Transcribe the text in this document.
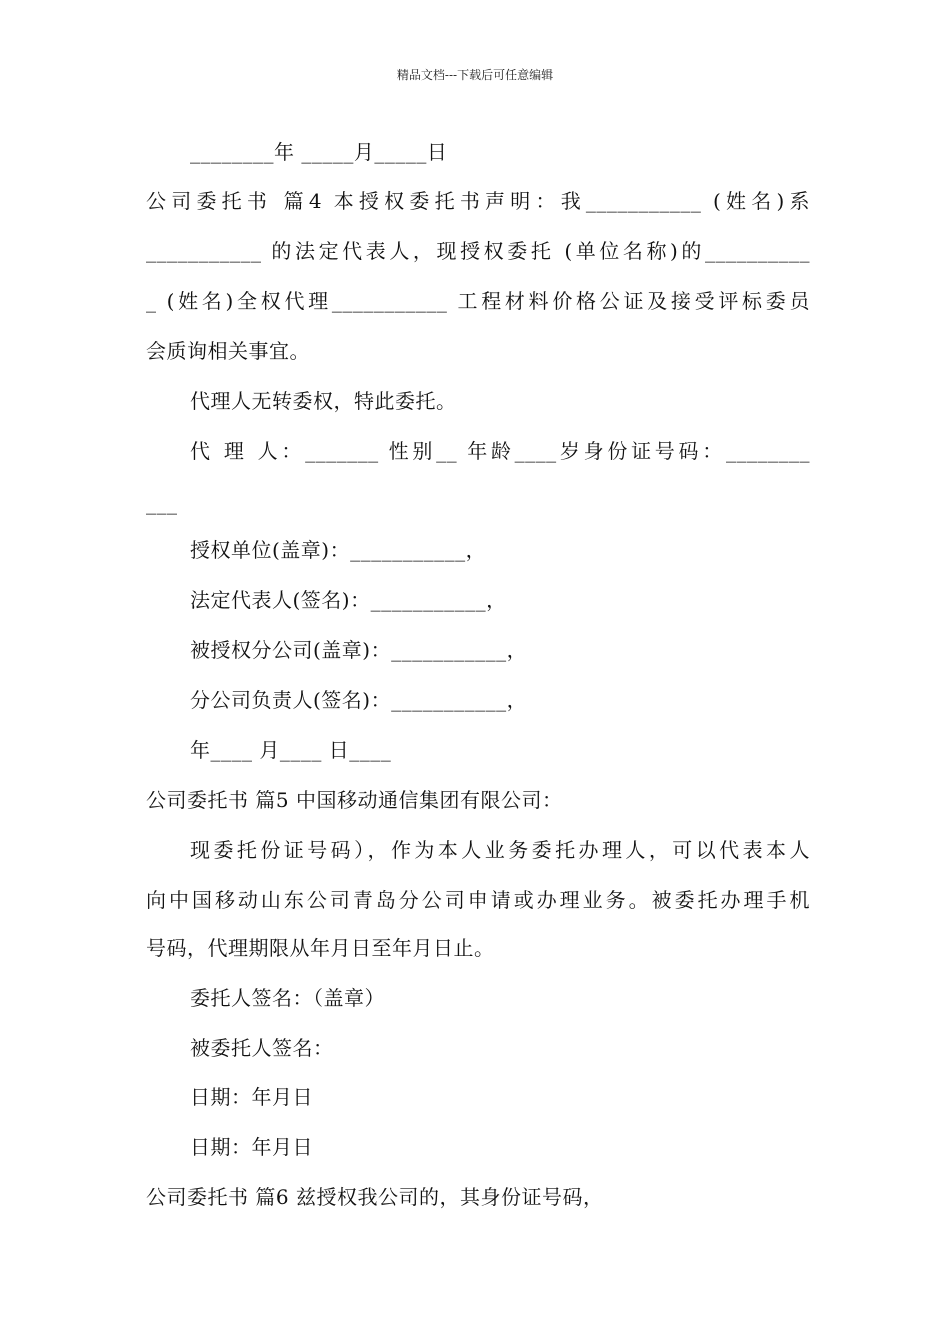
精品文档---下载后可任意编辑
________年 _____月_____日
公司委托书 篇4 本授权委托书声明：我___________ (姓名)系
___________ 的法定代表人，现授权委托 (单位名称)的__________
_ (姓名)全权代理___________ 工程材料价格公证及接受评标委员
会质询相关事宜。
代理人无转委权，特此委托。
代 理 人：_______ 性别__ 年龄____岁身份证号码：________
___
授权单位(盖章)：___________，
法定代表人(签名)：___________，
被授权分公司(盖章)：___________，
分公司负责人(签名)：___________，
年____ 月____ 日____
公司委托书 篇5 中国移动通信集团有限公司：
现委托份证号码），作为本人业务委托办理人，可以代表本人
向中国移动山东公司青岛分公司申请或办理业务。被委托办理手机
号码，代理期限从年月日至年月日止。
委托人签名：（盖章）
被委托人签名：
日期：年月日
日期：年月日
公司委托书 篇6 兹授权我公司的，其身份证号码，
